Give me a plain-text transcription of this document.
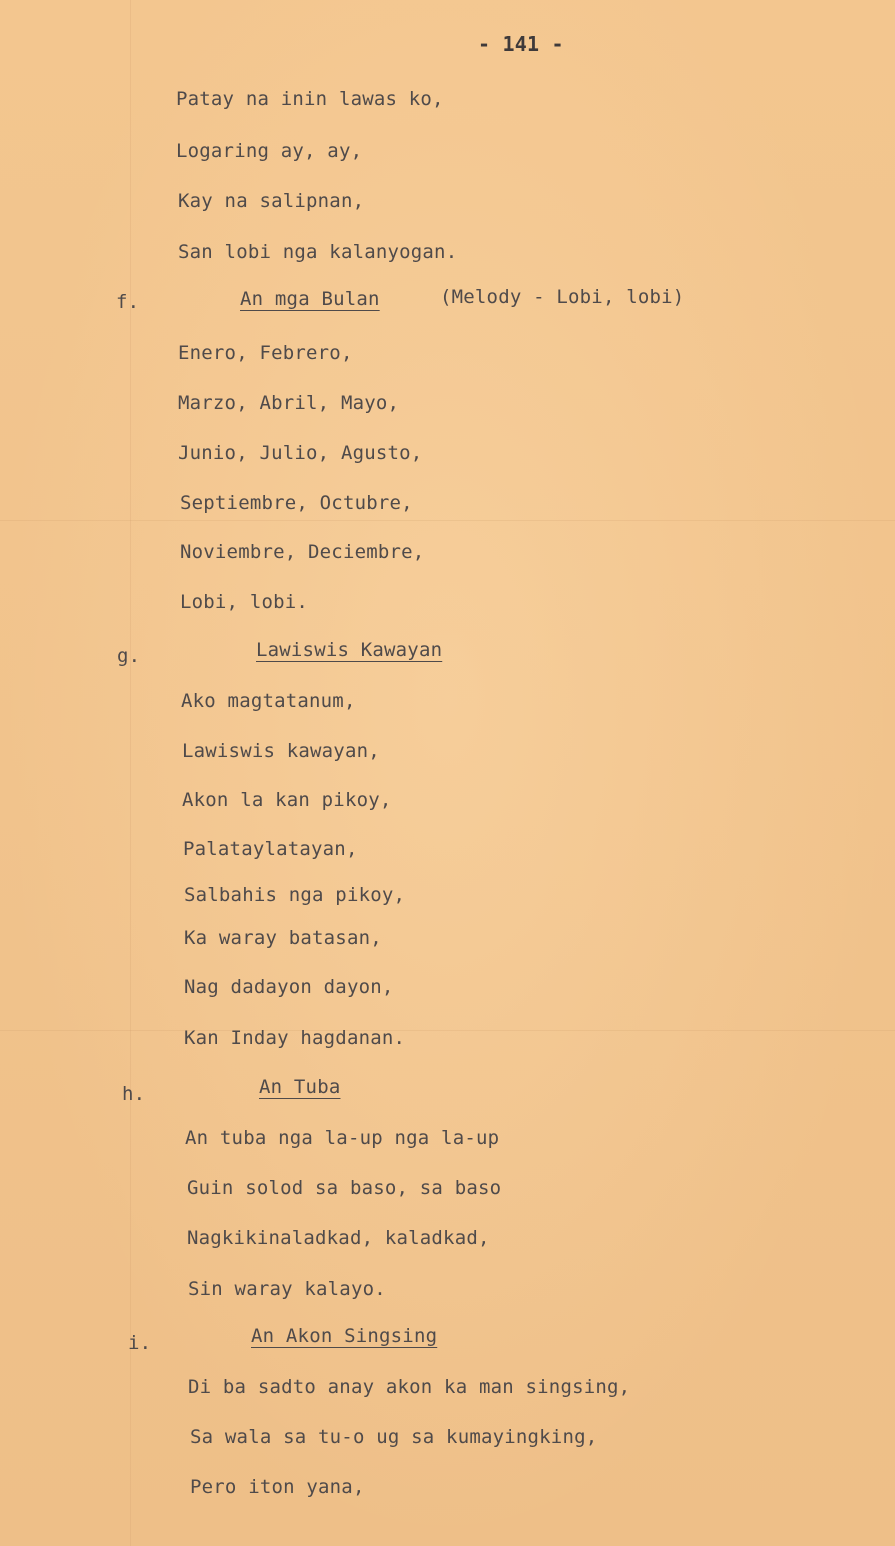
- 141 -
Patay na inin lawas ko,
Logaring ay, ay,
Kay na salipnan,
San lobi nga kalanyogan.
f.	An mga Bulan	(Melody - Lobi, lobi)
Enero, Febrero,
Marzo, Abril, Mayo,
Junio, Julio, Agusto,
Septiembre, Octubre,
Noviembre, Deciembre,
Lobi, lobi.
g.	Lawiswis Kawayan
Ako magtatanum,
Lawiswis kawayan,
Akon la kan pikoy,
Palataylatayan,
Salbahis nga pikoy,
Ka waray batasan,
Nag dadayon dayon,
Kan Inday hagdanan.
h.	An Tuba
An tuba nga la-up nga la-up
Guin solod sa baso, sa baso
Nagkikinaladkad, kaladkad,
Sin waray kalayo.
i.	An Akon Singsing
Di ba sadto anay akon ka man singsing,
Sa wala sa tu-o ug sa kumayingking,
Pero iton yana,
